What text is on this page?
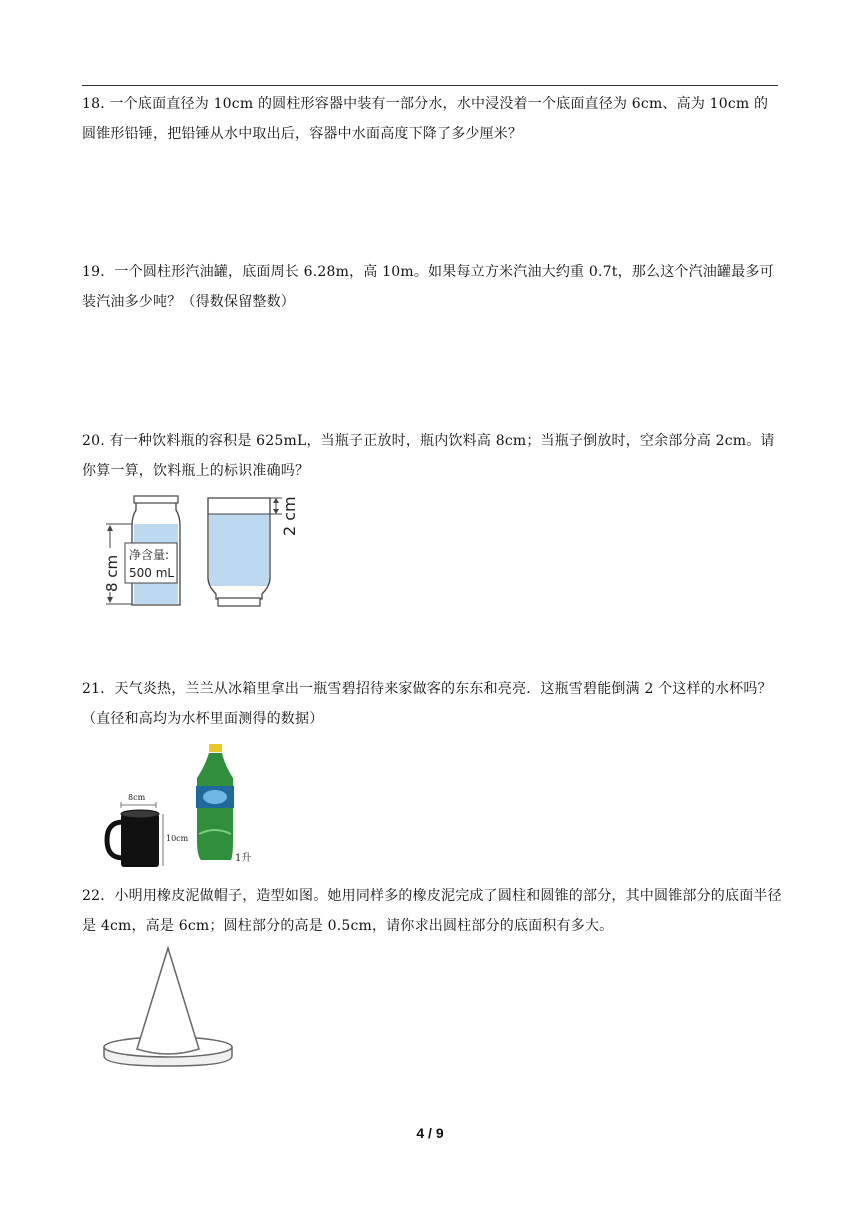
18. 一个底面直径为 10cm 的圆柱形容器中装有一部分水，水中浸没着一个底面直径为 6cm、高为 10cm 的圆锥形铅锤，把铅锤从水中取出后，容器中水面高度下降了多少厘米？

19．一个圆柱形汽油罐，底面周长 6.28m，高 10m。如果每立方米汽油大约重 0.7t，那么这个汽油罐最多可装汽油多少吨？（得数保留整数）

20. 有一种饮料瓶的容积是 625mL，当瓶子正放时，瓶内饮料高 8cm；当瓶子倒放时，空余部分高 2cm。请你算一算，饮料瓶上的标识准确吗？

净含量:
500 mL
8 cm
2 cm

21．天气炎热，兰兰从冰箱里拿出一瓶雪碧招待来家做客的东东和亮亮．这瓶雪碧能倒满 2 个这样的水杯吗？（直径和高均为水杯里面测得的数据）

8cm
10cm
1升

22．小明用橡皮泥做帽子，造型如图。她用同样多的橡皮泥完成了圆柱和圆锥的部分，其中圆锥部分的底面半径是 4cm，高是 6cm；圆柱部分的高是 0.5cm，请你求出圆柱部分的底面积有多大。

4 / 9
